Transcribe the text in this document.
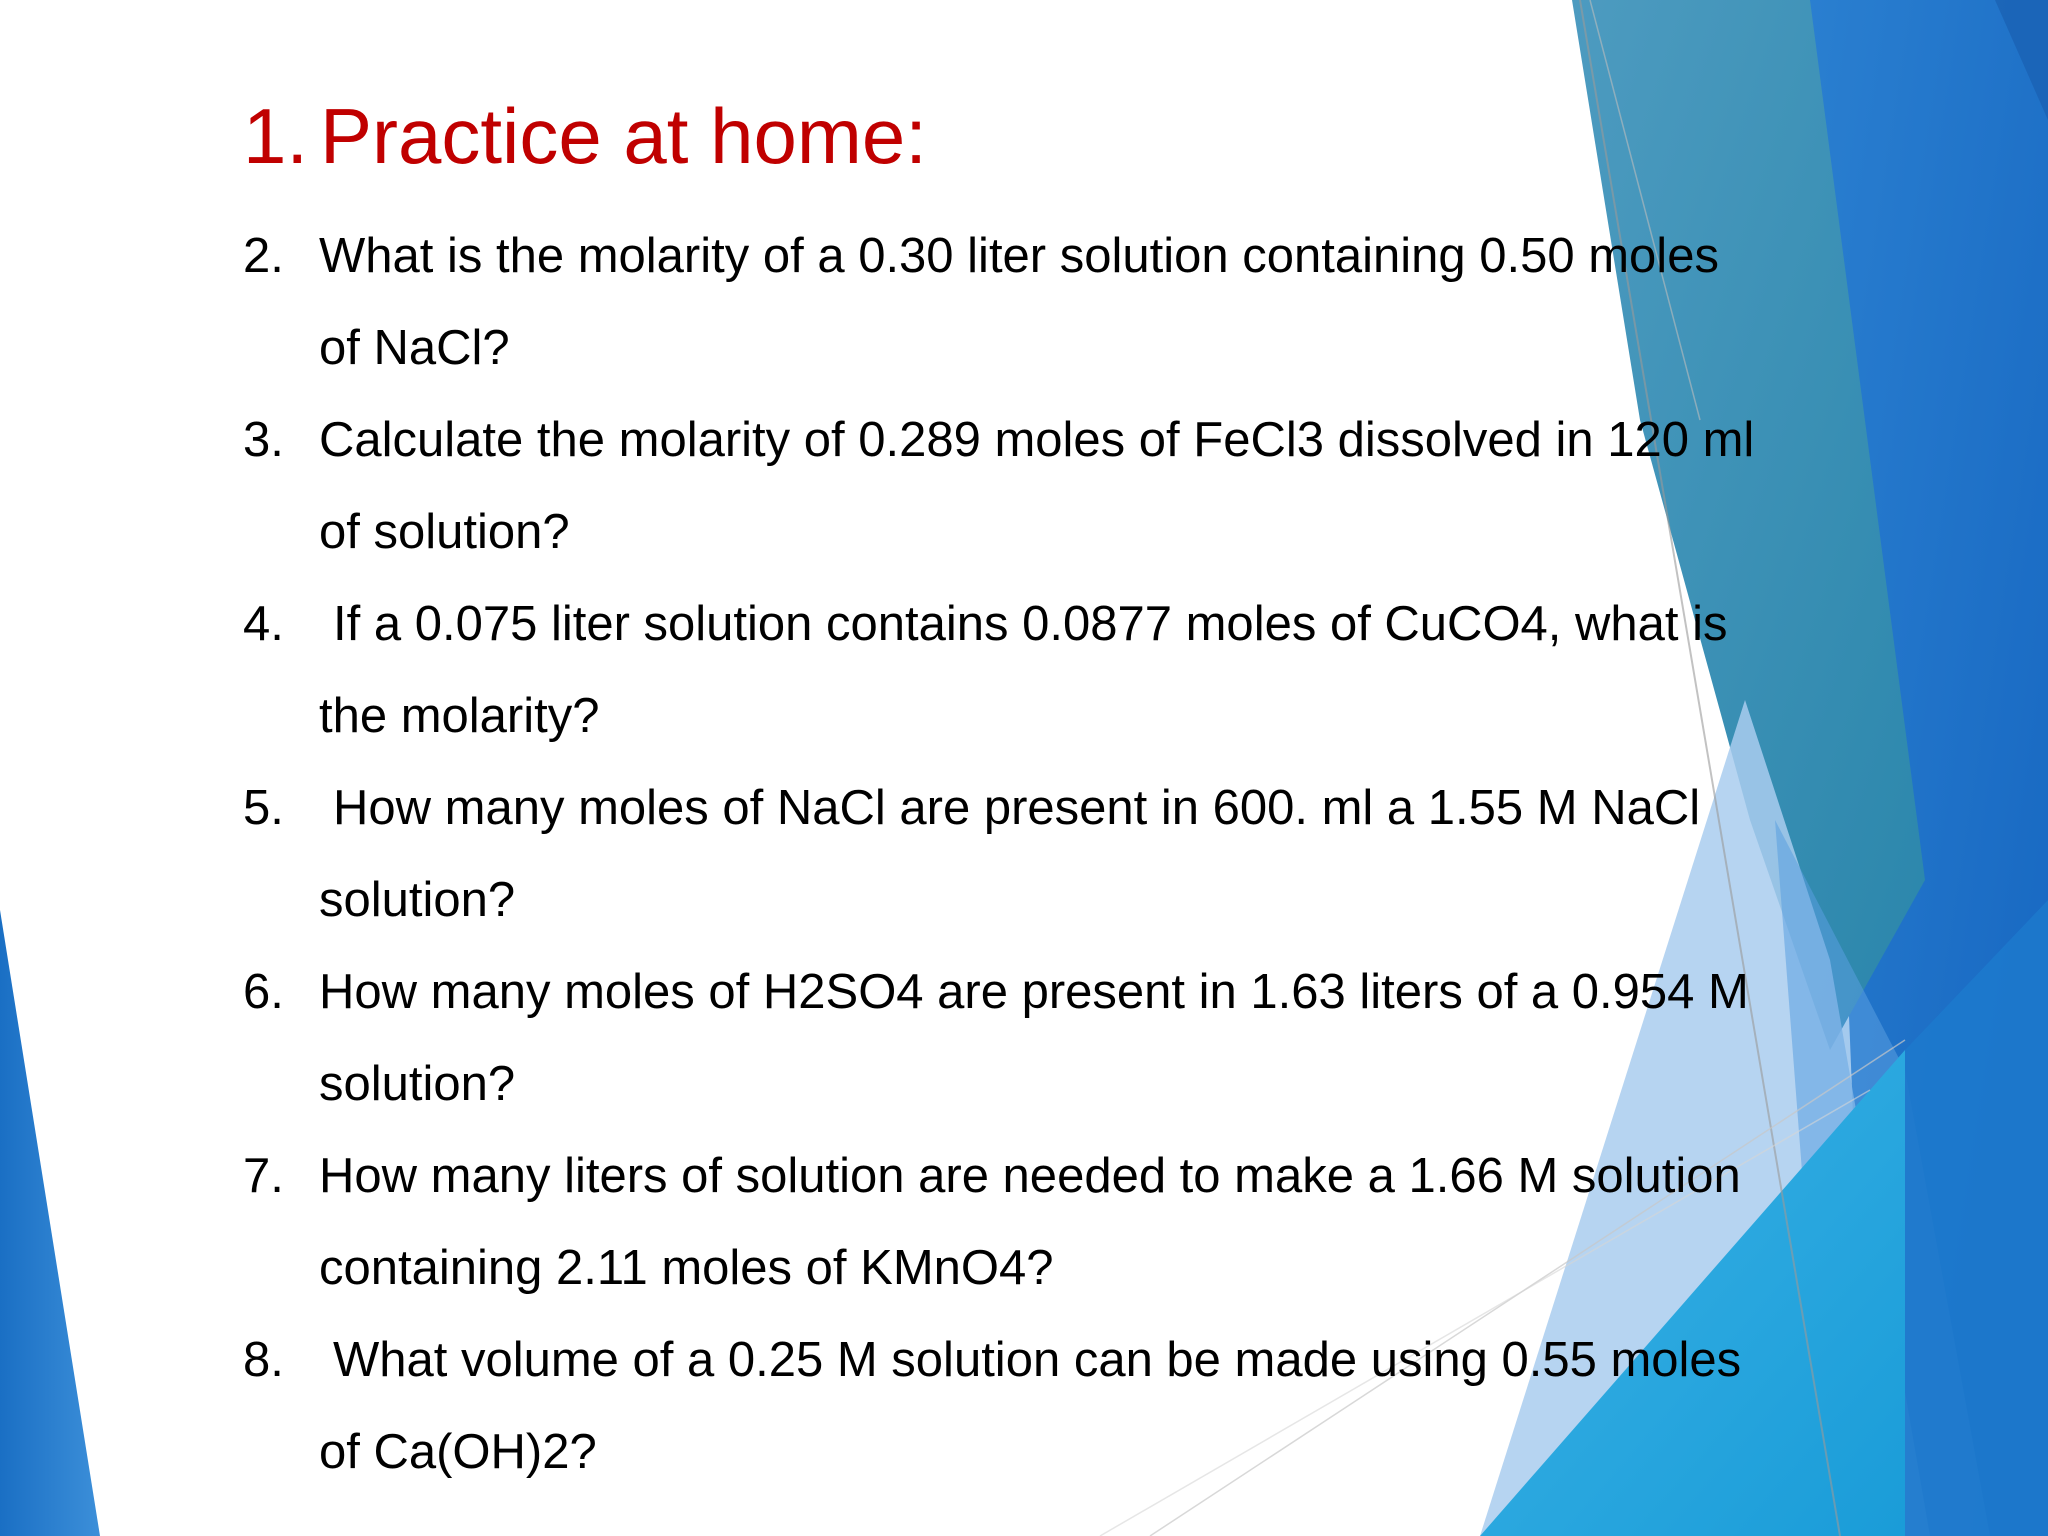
1. Practice at home:
2. What is the molarity of a 0.30 liter solution containing 0.50 moles
of NaCl?
3. Calculate the molarity of 0.289 moles of FeCl3 dissolved in 120 ml
of solution?
4.	If a 0.075 liter solution contains 0.0877 moles of CuCO4, what is
the molarity?
5.	How many moles of NaCl are present in 600. ml a 1.55 M NaCl
solution?
6. How many moles of H2SO4 are present in 1.63 liters of a 0.954 M
solution?
7. How many liters of solution are needed to make a 1.66 M solution
containing 2.11 moles of KMnO4?
8.	What volume of a 0.25 M solution can be made using 0.55 moles
of Ca(OH)2?
